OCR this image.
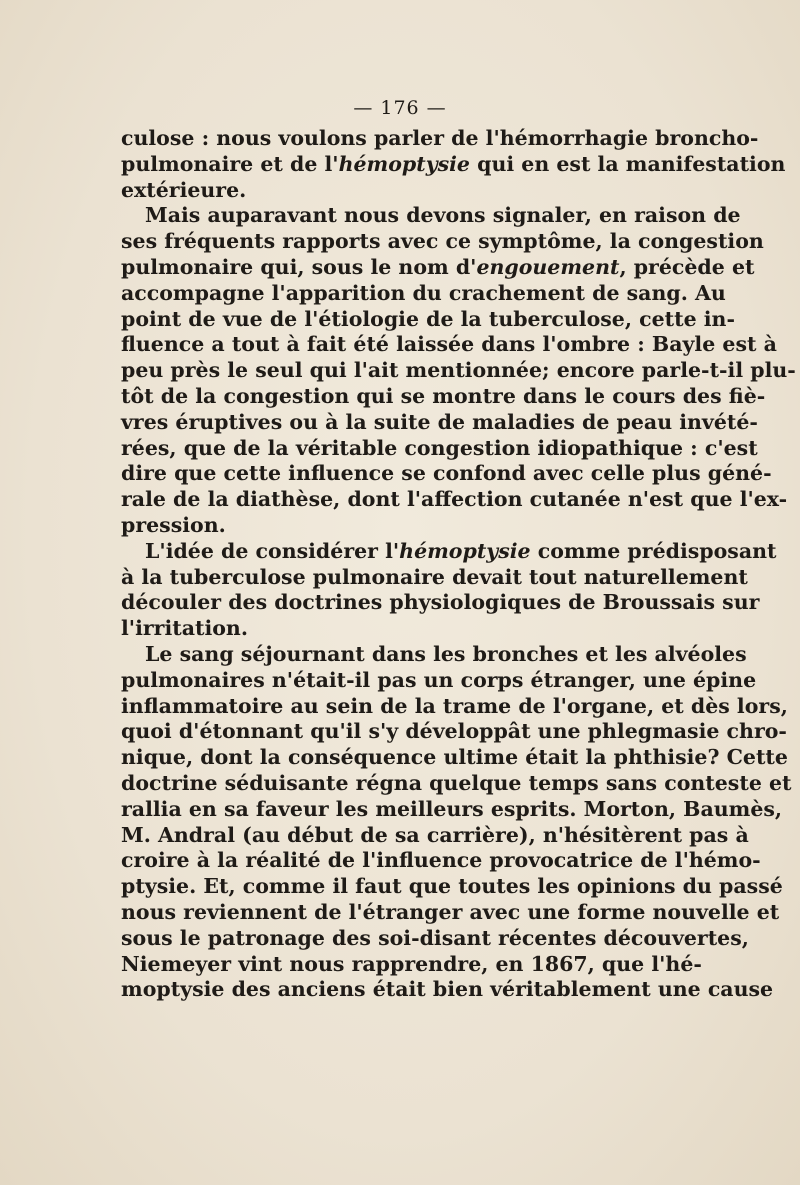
— 176 —
culose : nous voulons parler de l'hémorrhagie broncho-
pulmonaire et de l'hémoptysie qui en est la manifestation
extérieure.
Mais auparavant nous devons signaler, en raison de
ses fréquents rapports avec ce symptôme, la congestion
pulmonaire qui, sous le nom d'engouement, précède et
accompagne l'apparition du crachement de sang. Au
point de vue de l'étiologie de la tuberculose, cette in-
fluence a tout à fait été laissée dans l'ombre : Bayle est à
peu près le seul qui l'ait mentionnée; encore parle-t-il plu-
tôt de la congestion qui se montre dans le cours des fiè-
vres éruptives ou à la suite de maladies de peau invété-
rées, que de la véritable congestion idiopathique : c'est
dire que cette influence se confond avec celle plus géné-
rale de la diathèse, dont l'affection cutanée n'est que l'ex-
pression.
L'idée de considérer l'hémoptysie comme prédisposant
à la tuberculose pulmonaire devait tout naturellement
découler des doctrines physiologiques de Broussais sur
l'irritation.
Le sang séjournant dans les bronches et les alvéoles
pulmonaires n'était-il pas un corps étranger, une épine
inflammatoire au sein de la trame de l'organe, et dès lors,
quoi d'étonnant qu'il s'y développât une phlegmasie chro-
nique, dont la conséquence ultime était la phthisie? Cette
doctrine séduisante régna quelque temps sans conteste et
rallia en sa faveur les meilleurs esprits. Morton, Baumès,
M. Andral (au début de sa carrière), n'hésitèrent pas à
croire à la réalité de l'influence provocatrice de l'hémo-
ptysie. Et, comme il faut que toutes les opinions du passé
nous reviennent de l'étranger avec une forme nouvelle et
sous le patronage des soi-disant récentes découvertes,
Niemeyer vint nous rapprendre, en 1867, que l'hé-
moptysie des anciens était bien véritablement une cause
